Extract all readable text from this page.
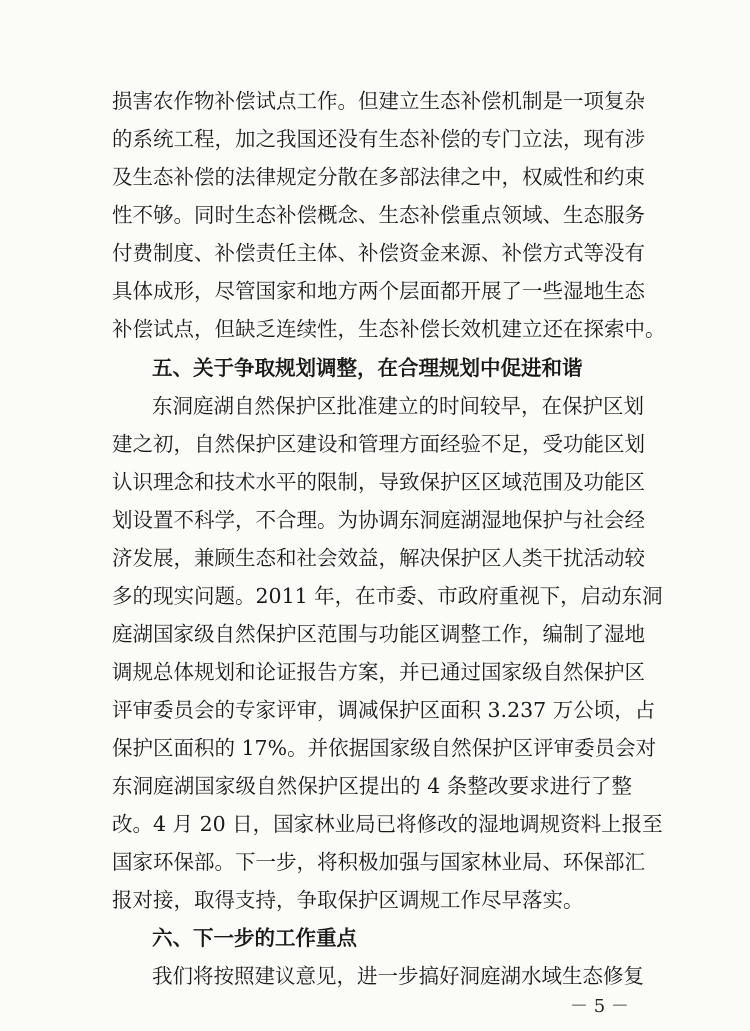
损害农作物补偿试点工作。但建立生态补偿机制是一项复杂
的系统工程，加之我国还没有生态补偿的专门立法，现有涉
及生态补偿的法律规定分散在多部法律之中，权威性和约束
性不够。同时生态补偿概念、生态补偿重点领域、生态服务
付费制度、补偿责任主体、补偿资金来源、补偿方式等没有
具体成形，尽管国家和地方两个层面都开展了一些湿地生态
补偿试点，但缺乏连续性，生态补偿长效机建立还在探索中。
五、关于争取规划调整，在合理规划中促进和谐
东洞庭湖自然保护区批准建立的时间较早，在保护区划
建之初，自然保护区建设和管理方面经验不足，受功能区划
认识理念和技术水平的限制，导致保护区区域范围及功能区
划设置不科学，不合理。为协调东洞庭湖湿地保护与社会经
济发展，兼顾生态和社会效益，解决保护区人类干扰活动较
多的现实问题。2011 年，在市委、市政府重视下，启动东洞
庭湖国家级自然保护区范围与功能区调整工作，编制了湿地
调规总体规划和论证报告方案，并已通过国家级自然保护区
评审委员会的专家评审，调减保护区面积 3.237 万公顷，占
保护区面积的 17%。并依据国家级自然保护区评审委员会对
东洞庭湖国家级自然保护区提出的 4 条整改要求进行了整
改。4 月 20 日，国家林业局已将修改的湿地调规资料上报至
国家环保部。下一步，将积极加强与国家林业局、环保部汇
报对接，取得支持，争取保护区调规工作尽早落实。
六、下一步的工作重点
我们将按照建议意见，进一步搞好洞庭湖水域生态修复
－ 5 －
